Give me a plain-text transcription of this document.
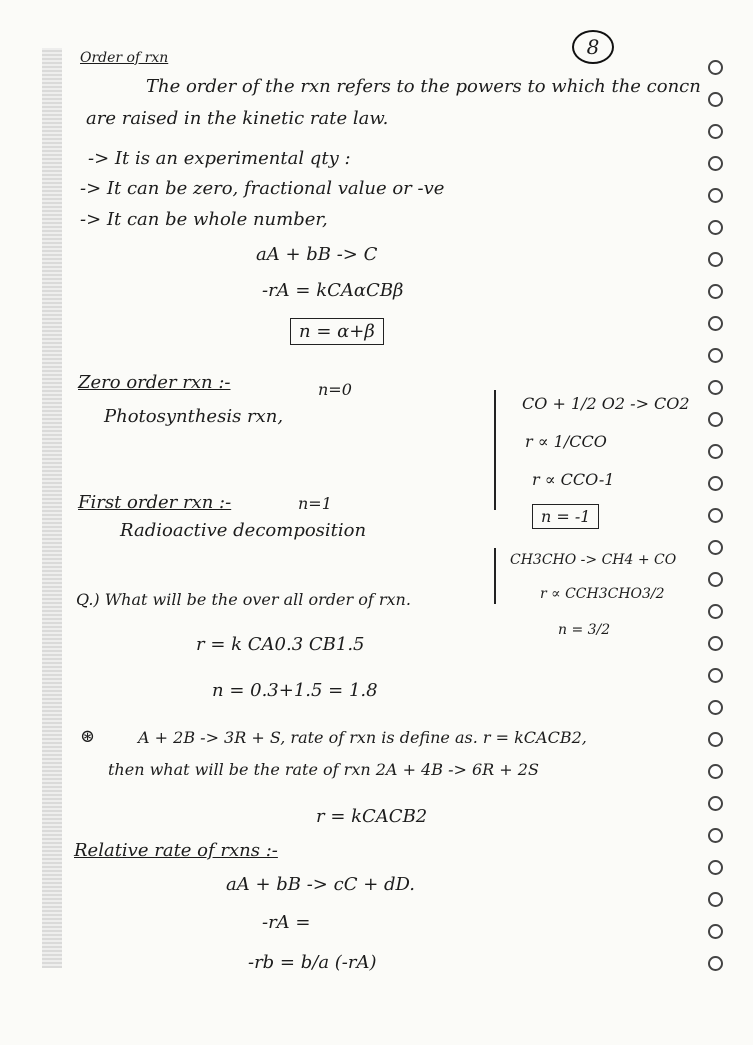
8
Order of rxn
The order of the rxn refers to the powers to which the concn
are raised in the kinetic rate law.
-> It is an experimental qty :
-> It can be zero, fractional value or -ve
-> It can be whole number,
aA + bB -> C
-rA = kCAαCBβ
n = α+β
Zero order rxn :-	n=0
Photosynthesis rxn,
CO + 1/2 O2 -> CO2
r ∝ 1/CCO
r ∝ CCO-1
n = -1
First order rxn :-	n=1
Radioactive decomposition
CH3CHO -> CH4 + CO
r ∝ CCH3CHO3/2
n = 3/2
Q.) What will be the over all order of rxn.
r = k CA0.3 CB1.5
n = 0.3+1.5 = 1.8
⊛	A + 2B -> 3R + S, rate of rxn is define as. r = kCACB2,
then what will be the rate of rxn 2A + 4B -> 6R + 2S
r = kCACB2
Relative rate of rxns :-
aA + bB -> cC + dD.
-rA =
-rb = b/a (-rA)
